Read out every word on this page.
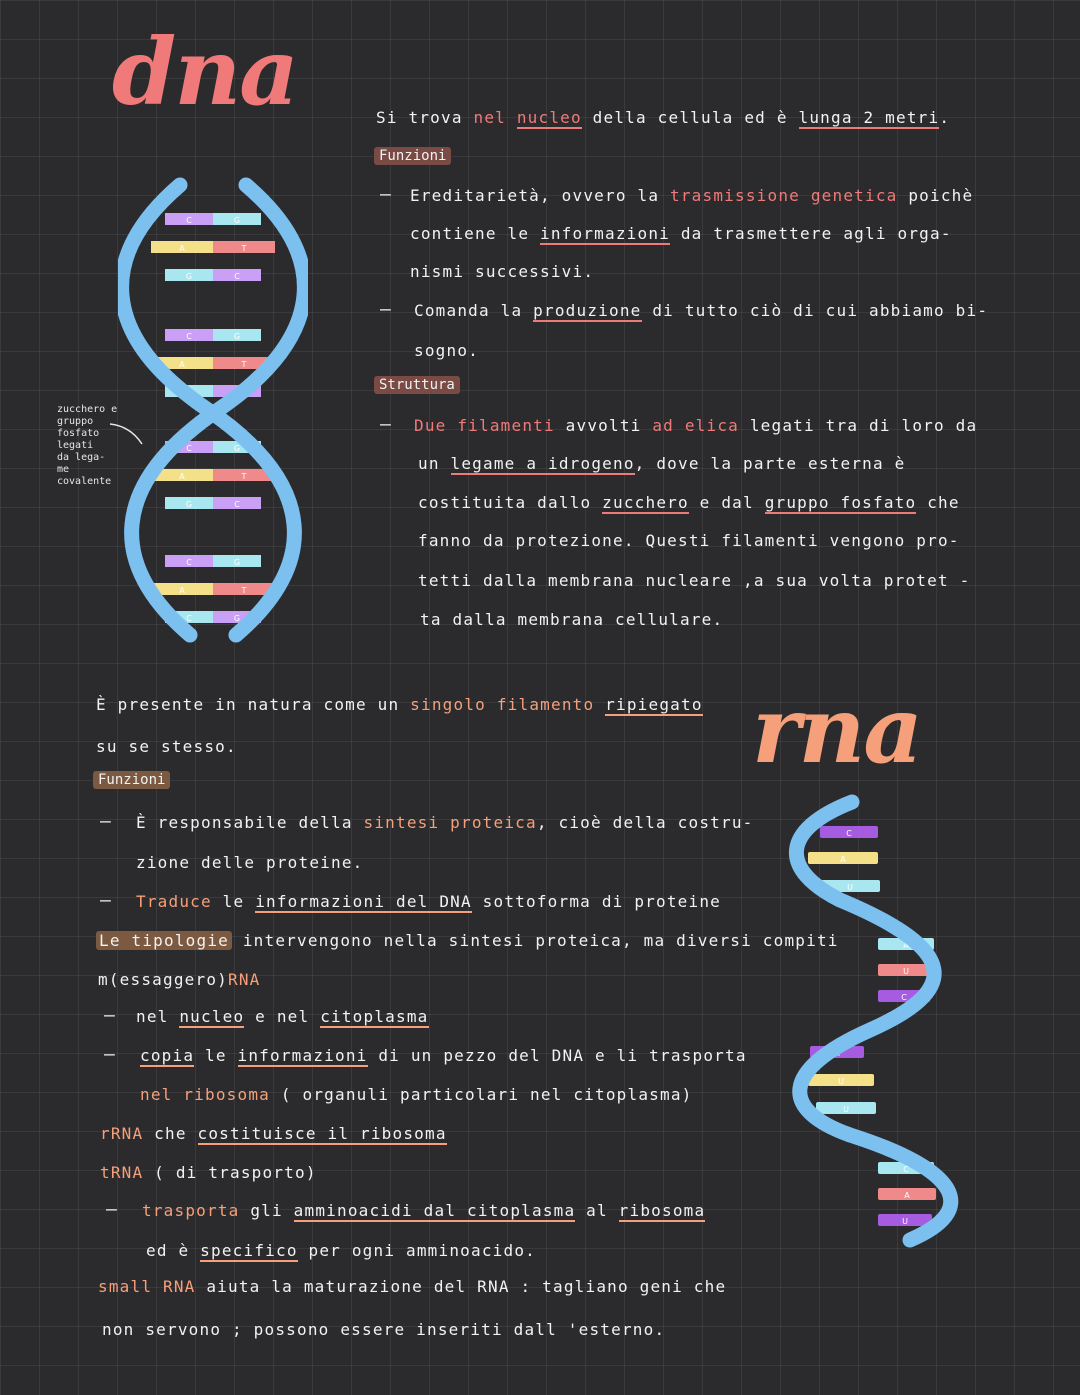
dna	Si trova nel nucleo della cellula ed è lunga 2 metri.
Funzioni
– Ereditarietà, ovvero la trasmissione genetica poichè
contiene le informazioni da trasmettere agli orga-
nismi successivi.
– Comanda la produzione di tutto ciò di cui abbiamo bi-
sogno.
Struttura
– Due filamenti avvolti ad elica legati tra di loro da
un legame a idrogeno, dove la parte esterna è
costituita dallo zucchero e dal gruppo fosfato che
fanno da protezione. Questi filamenti vengono pro-
tetti dalla membrana nucleare ,a sua volta protet -
ta dalla membrana cellulare.
zucchero e
gruppo
fosfato
legati
da lega-
me
covalente
C	G
A	T
G	C
C	G
A	T
C	G
C	G
A	T
G	C
C	G
A	T
C	G
rna
È presente in natura come un singolo filamento ripiegato
su se stesso.
Funzioni
– È responsabile della sintesi proteica, cioè della costru-
zione delle proteine.
– Traduce le informazioni del DNA sottoforma di proteine
Le tipologie intervengono nella sintesi proteica, ma diversi compiti
m(essaggero)RNA
– nel nucleo e nel citoplasma
– copia le informazioni di un pezzo del DNA e li trasporta
nel ribosoma ( organuli particolari nel citoplasma)
rRNA che costituisce il ribosoma
tRNA ( di trasporto)
– trasporta gli amminoacidi dal citoplasma al ribosoma
ed è specifico per ogni amminoacido.
small RNA aiuta la maturazione del RNA : tagliano geni che
non servono ; possono essere inseriti dall 'esterno.
C
A
U
A
U
C
A
U
U
C
A
U
